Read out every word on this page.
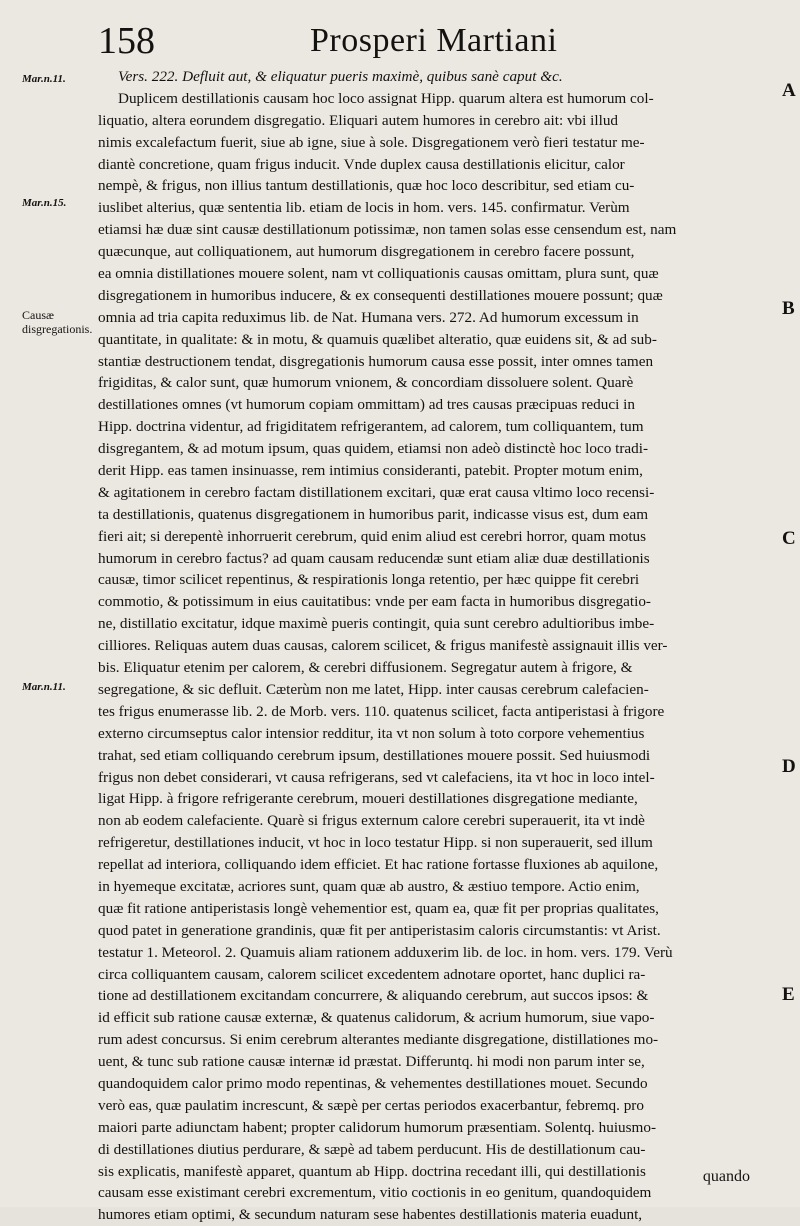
158	Prosperi Martiani
Mar.n.11.
Mar.n.15.
Causæ disgregationis.
Mar.n.11.
A
B
C
D
E
Vers. 222. Defluit aut, & eliquatur pueris maximè, quibus sanè caput &c.
Duplicem destillationis causam hoc loco assignat Hipp. quarum altera est humorum col-
liquatio, altera eorundem disgregatio. Eliquari autem humores in cerebro ait: vbi illud
nimis excalefactum fuerit, siue ab igne, siue à sole. Disgregationem verò fieri testatur me-
diantè concretione, quam frigus inducit. Vnde duplex causa destillationis elicitur, calor
nempè, & frigus, non illius tantum destillationis, quæ hoc loco describitur, sed etiam cu-
iuslibet alterius, quæ sententia lib. etiam de locis in hom. vers. 145. confirmatur. Verùm
etiamsi hæ duæ sint causæ destillationum potissimæ, non tamen solas esse censendum est, nam
quæcunque, aut colliquationem, aut humorum disgregationem in cerebro facere possunt,
ea omnia distillationes mouere solent, nam vt colliquationis causas omittam, plura sunt, quæ
disgregationem in humoribus inducere, & ex consequenti destillationes mouere possunt; quæ
omnia ad tria capita reduximus lib. de Nat. Humana vers. 272. Ad humorum excessum in
quantitate, in qualitate: & in motu, & quamuis quælibet alteratio, quæ euidens sit, & ad sub-
stantiæ destructionem tendat, disgregationis humorum causa esse possit, inter omnes tamen
frigiditas, & calor sunt, quæ humorum vnionem, & concordiam dissoluere solent. Quarè
destillationes omnes (vt humorum copiam ommittam) ad tres causas præcipuas reduci in
Hipp. doctrina videntur, ad frigiditatem refrigerantem, ad calorem, tum colliquantem, tum
disgregantem, & ad motum ipsum, quas quidem, etiamsi non adeò distinctè hoc loco tradi-
derit Hipp. eas tamen insinuasse, rem intimius consideranti, patebit. Propter motum enim,
& agitationem in cerebro factam distillationem excitari, quæ erat causa vltimo loco recensi-
ta destillationis, quatenus disgregationem in humoribus parit, indicasse visus est, dum eam
fieri ait; si derepentè inhorruerit cerebrum, quid enim aliud est cerebri horror, quam motus
humorum in cerebro factus? ad quam causam reducendæ sunt etiam aliæ duæ destillationis
causæ, timor scilicet repentinus, & respirationis longa retentio, per hæc quippe fit cerebri
commotio, & potissimum in eius cauitatibus: vnde per eam facta in humoribus disgregatio-
ne, distillatio excitatur, idque maximè pueris contingit, quia sunt cerebro adultioribus imbe-
cilliores. Reliquas autem duas causas, calorem scilicet, & frigus manifestè assignauit illis ver-
bis. Eliquatur etenim per calorem, & cerebri diffusionem. Segregatur autem à frigore, &
segregatione, & sic defluit. Cæterùm non me latet, Hipp. inter causas cerebrum calefacien-
tes frigus enumerasse lib. 2. de Morb. vers. 110. quatenus scilicet, facta antiperistasi à frigore
externo circumseptus calor intensior redditur, ita vt non solum à toto corpore vehementius
trahat, sed etiam colliquando cerebrum ipsum, destillationes mouere possit. Sed huiusmodi
frigus non debet considerari, vt causa refrigerans, sed vt calefaciens, ita vt hoc in loco intel-
ligat Hipp. à frigore refrigerante cerebrum, moueri destillationes disgregatione mediante,
non ab eodem calefaciente. Quarè si frigus externum calore cerebri superauerit, ita vt indè
refrigeretur, destillationes inducit, vt hoc in loco testatur Hipp. si non superauerit, sed illum
repellat ad interiora, colliquando idem efficiet. Et hac ratione fortasse fluxiones ab aquilone,
in hyemeque excitatæ, acriores sunt, quam quæ ab austro, & æstiuo tempore. Actio enim,
quæ fit ratione antiperistasis longè vehementior est, quam ea, quæ fit per proprias qualitates,
quod patet in generatione grandinis, quæ fit per antiperistasim caloris circumstantis: vt Arist.
testatur 1. Meteorol. 2. Quamuis aliam rationem adduxerim lib. de loc. in hom. vers. 179. Verù
circa colliquantem causam, calorem scilicet excedentem adnotare oportet, hanc duplici ra-
tione ad destillationem excitandam concurrere, & aliquando cerebrum, aut succos ipsos: &
id efficit sub ratione causæ externæ, & quatenus calidorum, & acrium humorum, siue vapo-
rum adest concursus. Si enim cerebrum alterantes mediante disgregatione, distillationes mo-
uent, & tunc sub ratione causæ internæ id præstat. Differuntq. hi modi non parum inter se,
quandoquidem calor primo modo repentinas, & vehementes destillationes mouet. Secundo
verò eas, quæ paulatim increscunt, & sæpè per certas periodos exacerbantur, febremq. pro
maiori parte adiunctam habent; propter calidorum humorum præsentiam. Solentq. huiusmo-
di destillationes diutius perdurare, & sæpè ad tabem perducunt. His de destillationum cau-
sis explicatis, manifestè apparet, quantum ab Hipp. doctrina recedant illi, qui destillationis
causam esse existimant cerebri excrementum, vitio coctionis in eo genitum, quandoquidem
humores etiam optimi, & secundum naturam sese habentes destillationis materia euadunt,
quando
